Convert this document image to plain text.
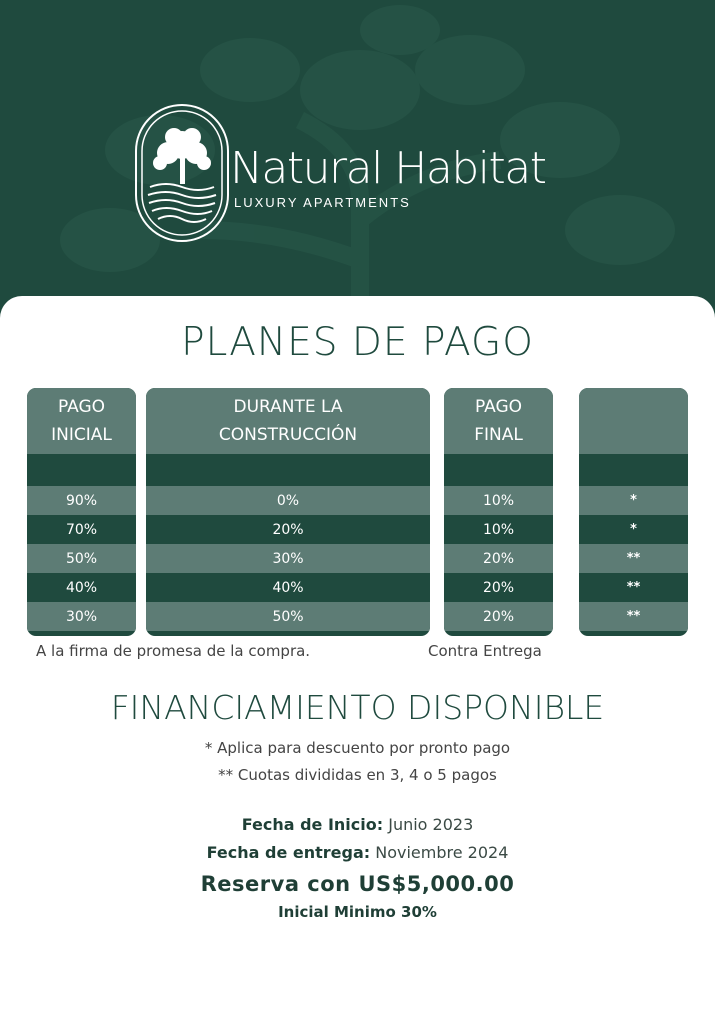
Natural Habitat
LUXURY APARTMENTS
PLANES DE PAGO
PAGO
INICIAL
90%
70%
50%
40%
30%
DURANTE LA
CONSTRUCCIÓN
0%
20%
30%
40%
50%
PAGO
FINAL
10%
10%
20%
20%
20%

*
*
**
**
**
A la firma de promesa de la compra.	Contra Entrega
FINANCIAMIENTO DISPONIBLE
* Aplica para descuento por pronto pago
** Cuotas divididas en 3, 4 o 5 pagos
Fecha de Inicio: Junio 2023
Fecha de entrega: Noviembre 2024
Reserva con US$5,000.00
Inicial Minimo 30%
